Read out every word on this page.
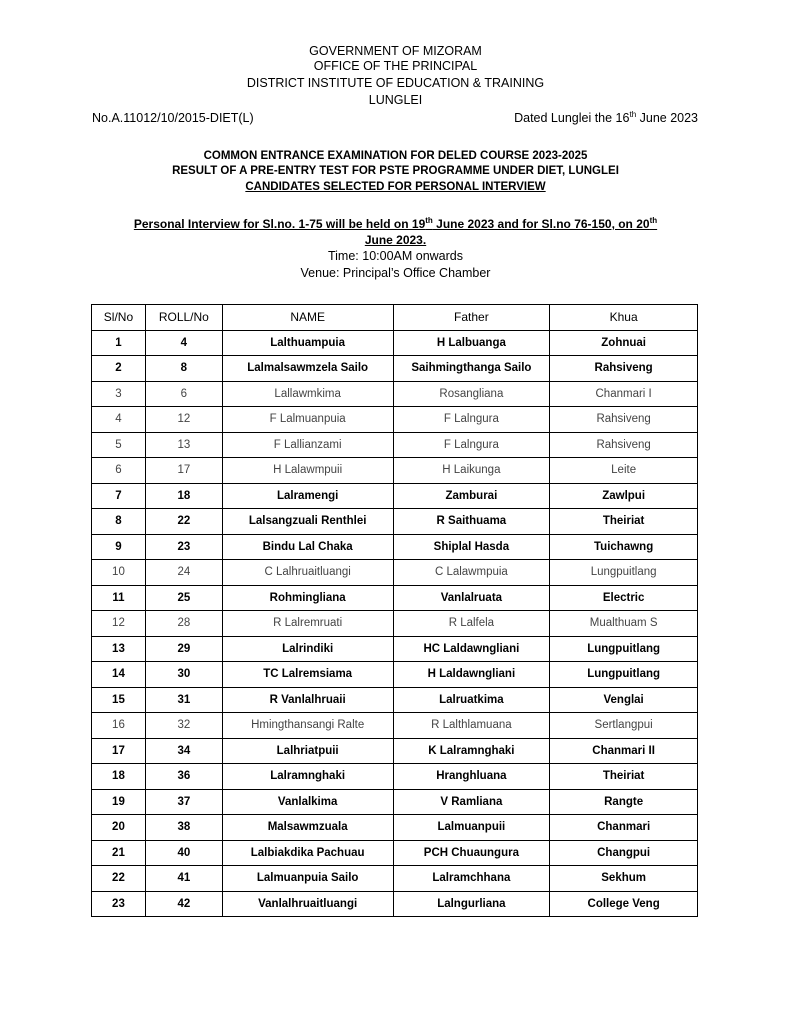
GOVERNMENT OF MIZORAM
OFFICE OF THE PRINCIPAL
DISTRICT INSTITUTE OF EDUCATION & TRAINING
LUNGLEI
No.A.11012/10/2015-DIET(L)	Dated Lunglei the 16th June 2023
COMMON ENTRANCE EXAMINATION FOR DELED COURSE 2023-2025
RESULT OF A PRE-ENTRY TEST FOR PSTE PROGRAMME UNDER DIET, LUNGLEI
CANDIDATES SELECTED FOR PERSONAL INTERVIEW
Personal Interview for Sl.no. 1-75 will be held on 19th June 2023 and for Sl.no 76-150, on 20th
June 2023.
Time: 10:00AM onwards
Venue: Principal’s Office Chamber
Sl/No	ROLL/No	NAME	Father	Khua
1	4	Lalthuampuia	H Lalbuanga	Zohnuai
2	8	Lalmalsawmzela Sailo	Saihmingthanga Sailo	Rahsiveng
3	6	Lallawmkima	Rosangliana	Chanmari I
4	12	F Lalmuanpuia	F Lalngura	Rahsiveng
5	13	F Lallianzami	F Lalngura	Rahsiveng
6	17	H Lalawmpuii	H Laikunga	Leite
7	18	Lalramengi	Zamburai	Zawlpui
8	22	Lalsangzuali Renthlei	R Saithuama	Theiriat
9	23	Bindu Lal Chaka	Shiplal Hasda	Tuichawng
10	24	C Lalhruaitluangi	C Lalawmpuia	Lungpuitlang
11	25	Rohmingliana	Vanlalruata	Electric
12	28	R Lalremruati	R Lalfela	Mualthuam S
13	29	Lalrindiki	HC Laldawngliani	Lungpuitlang
14	30	TC Lalremsiama	H Laldawngliani	Lungpuitlang
15	31	R Vanlalhruaii	Lalruatkima	Venglai
16	32	Hmingthansangi Ralte	R Lalthlamuana	Sertlangpui
17	34	Lalhriatpuii	K Lalramnghaki	Chanmari II
18	36	Lalramnghaki	Hranghluana	Theiriat
19	37	Vanlalkima	V Ramliana	Rangte
20	38	Malsawmzuala	Lalmuanpuii	Chanmari
21	40	Lalbiakdika Pachuau	PCH Chuaungura	Changpui
22	41	Lalmuanpuia Sailo	Lalramchhana	Sekhum
23	42	Vanlalhruaitluangi	Lalngurliana	College Veng
